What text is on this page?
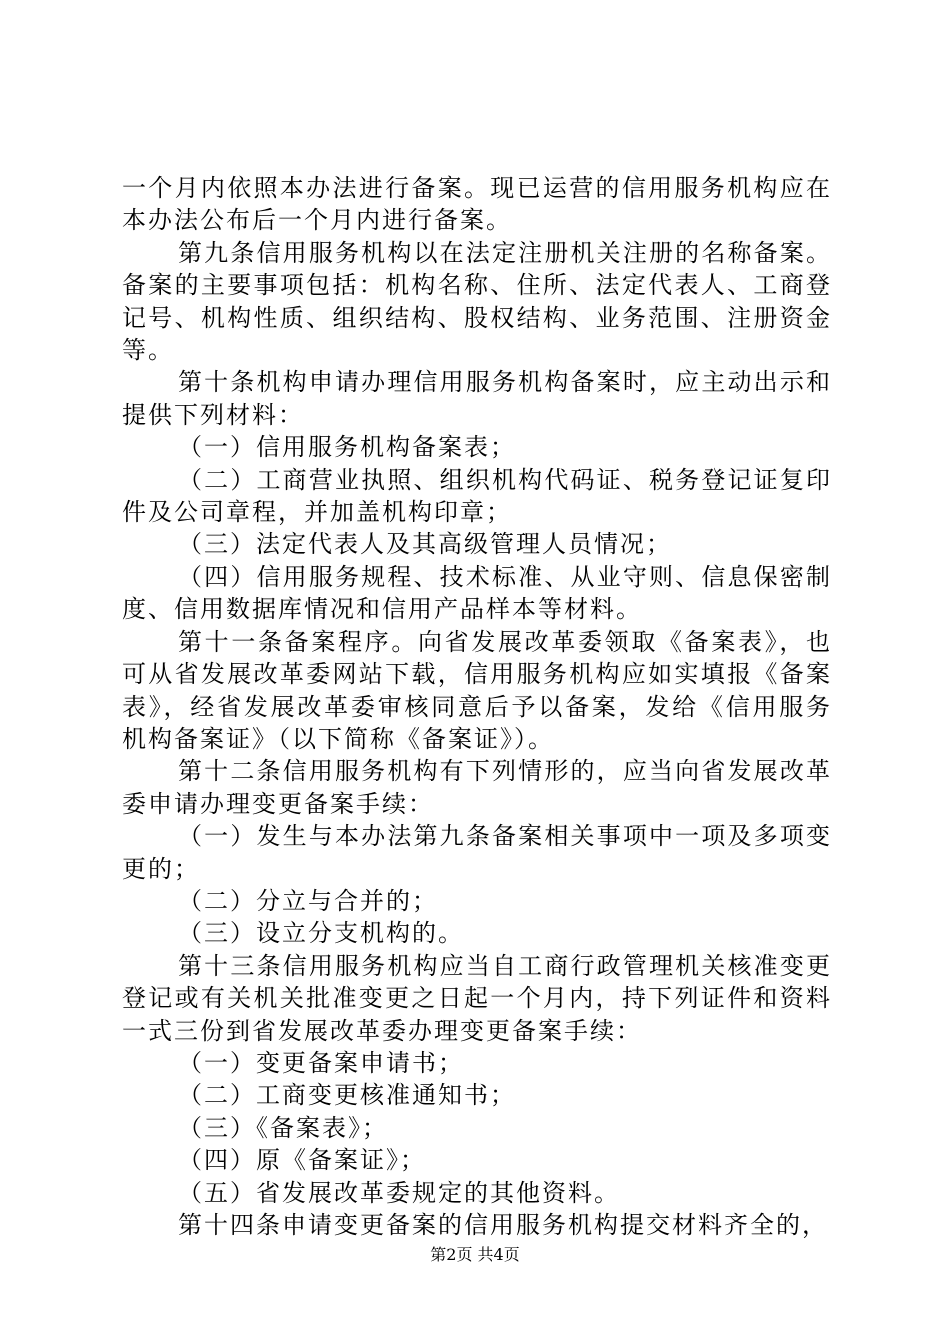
一个月内依照本办法进行备案。现已运营的信用服务机构应在本办法公布后一个月内进行备案。

第九条信用服务机构以在法定注册机关注册的名称备案。备案的主要事项包括：机构名称、住所、法定代表人、工商登记号、机构性质、组织结构、股权结构、业务范围、注册资金等。

第十条机构申请办理信用服务机构备案时，应主动出示和提供下列材料：

（一）信用服务机构备案表；

（二）工商营业执照、组织机构代码证、税务登记证复印件及公司章程，并加盖机构印章；

（三）法定代表人及其高级管理人员情况；

（四）信用服务规程、技术标准、从业守则、信息保密制度、信用数据库情况和信用产品样本等材料。

第十一条备案程序。向省发展改革委领取《备案表》，也可从省发展改革委网站下载，信用服务机构应如实填报《备案表》，经省发展改革委审核同意后予以备案，发给《信用服务机构备案证》（以下简称《备案证》）。

第十二条信用服务机构有下列情形的，应当向省发展改革委申请办理变更备案手续：

（一）发生与本办法第九条备案相关事项中一项及多项变更的；

（二）分立与合并的；

（三）设立分支机构的。

第十三条信用服务机构应当自工商行政管理机关核准变更登记或有关机关批准变更之日起一个月内，持下列证件和资料一式三份到省发展改革委办理变更备案手续：

（一）变更备案申请书；

（二）工商变更核准通知书；

（三）《备案表》；

（四）原《备案证》；

（五）省发展改革委规定的其他资料。

第十四条申请变更备案的信用服务机构提交材料齐全的，

第2页 共4页
